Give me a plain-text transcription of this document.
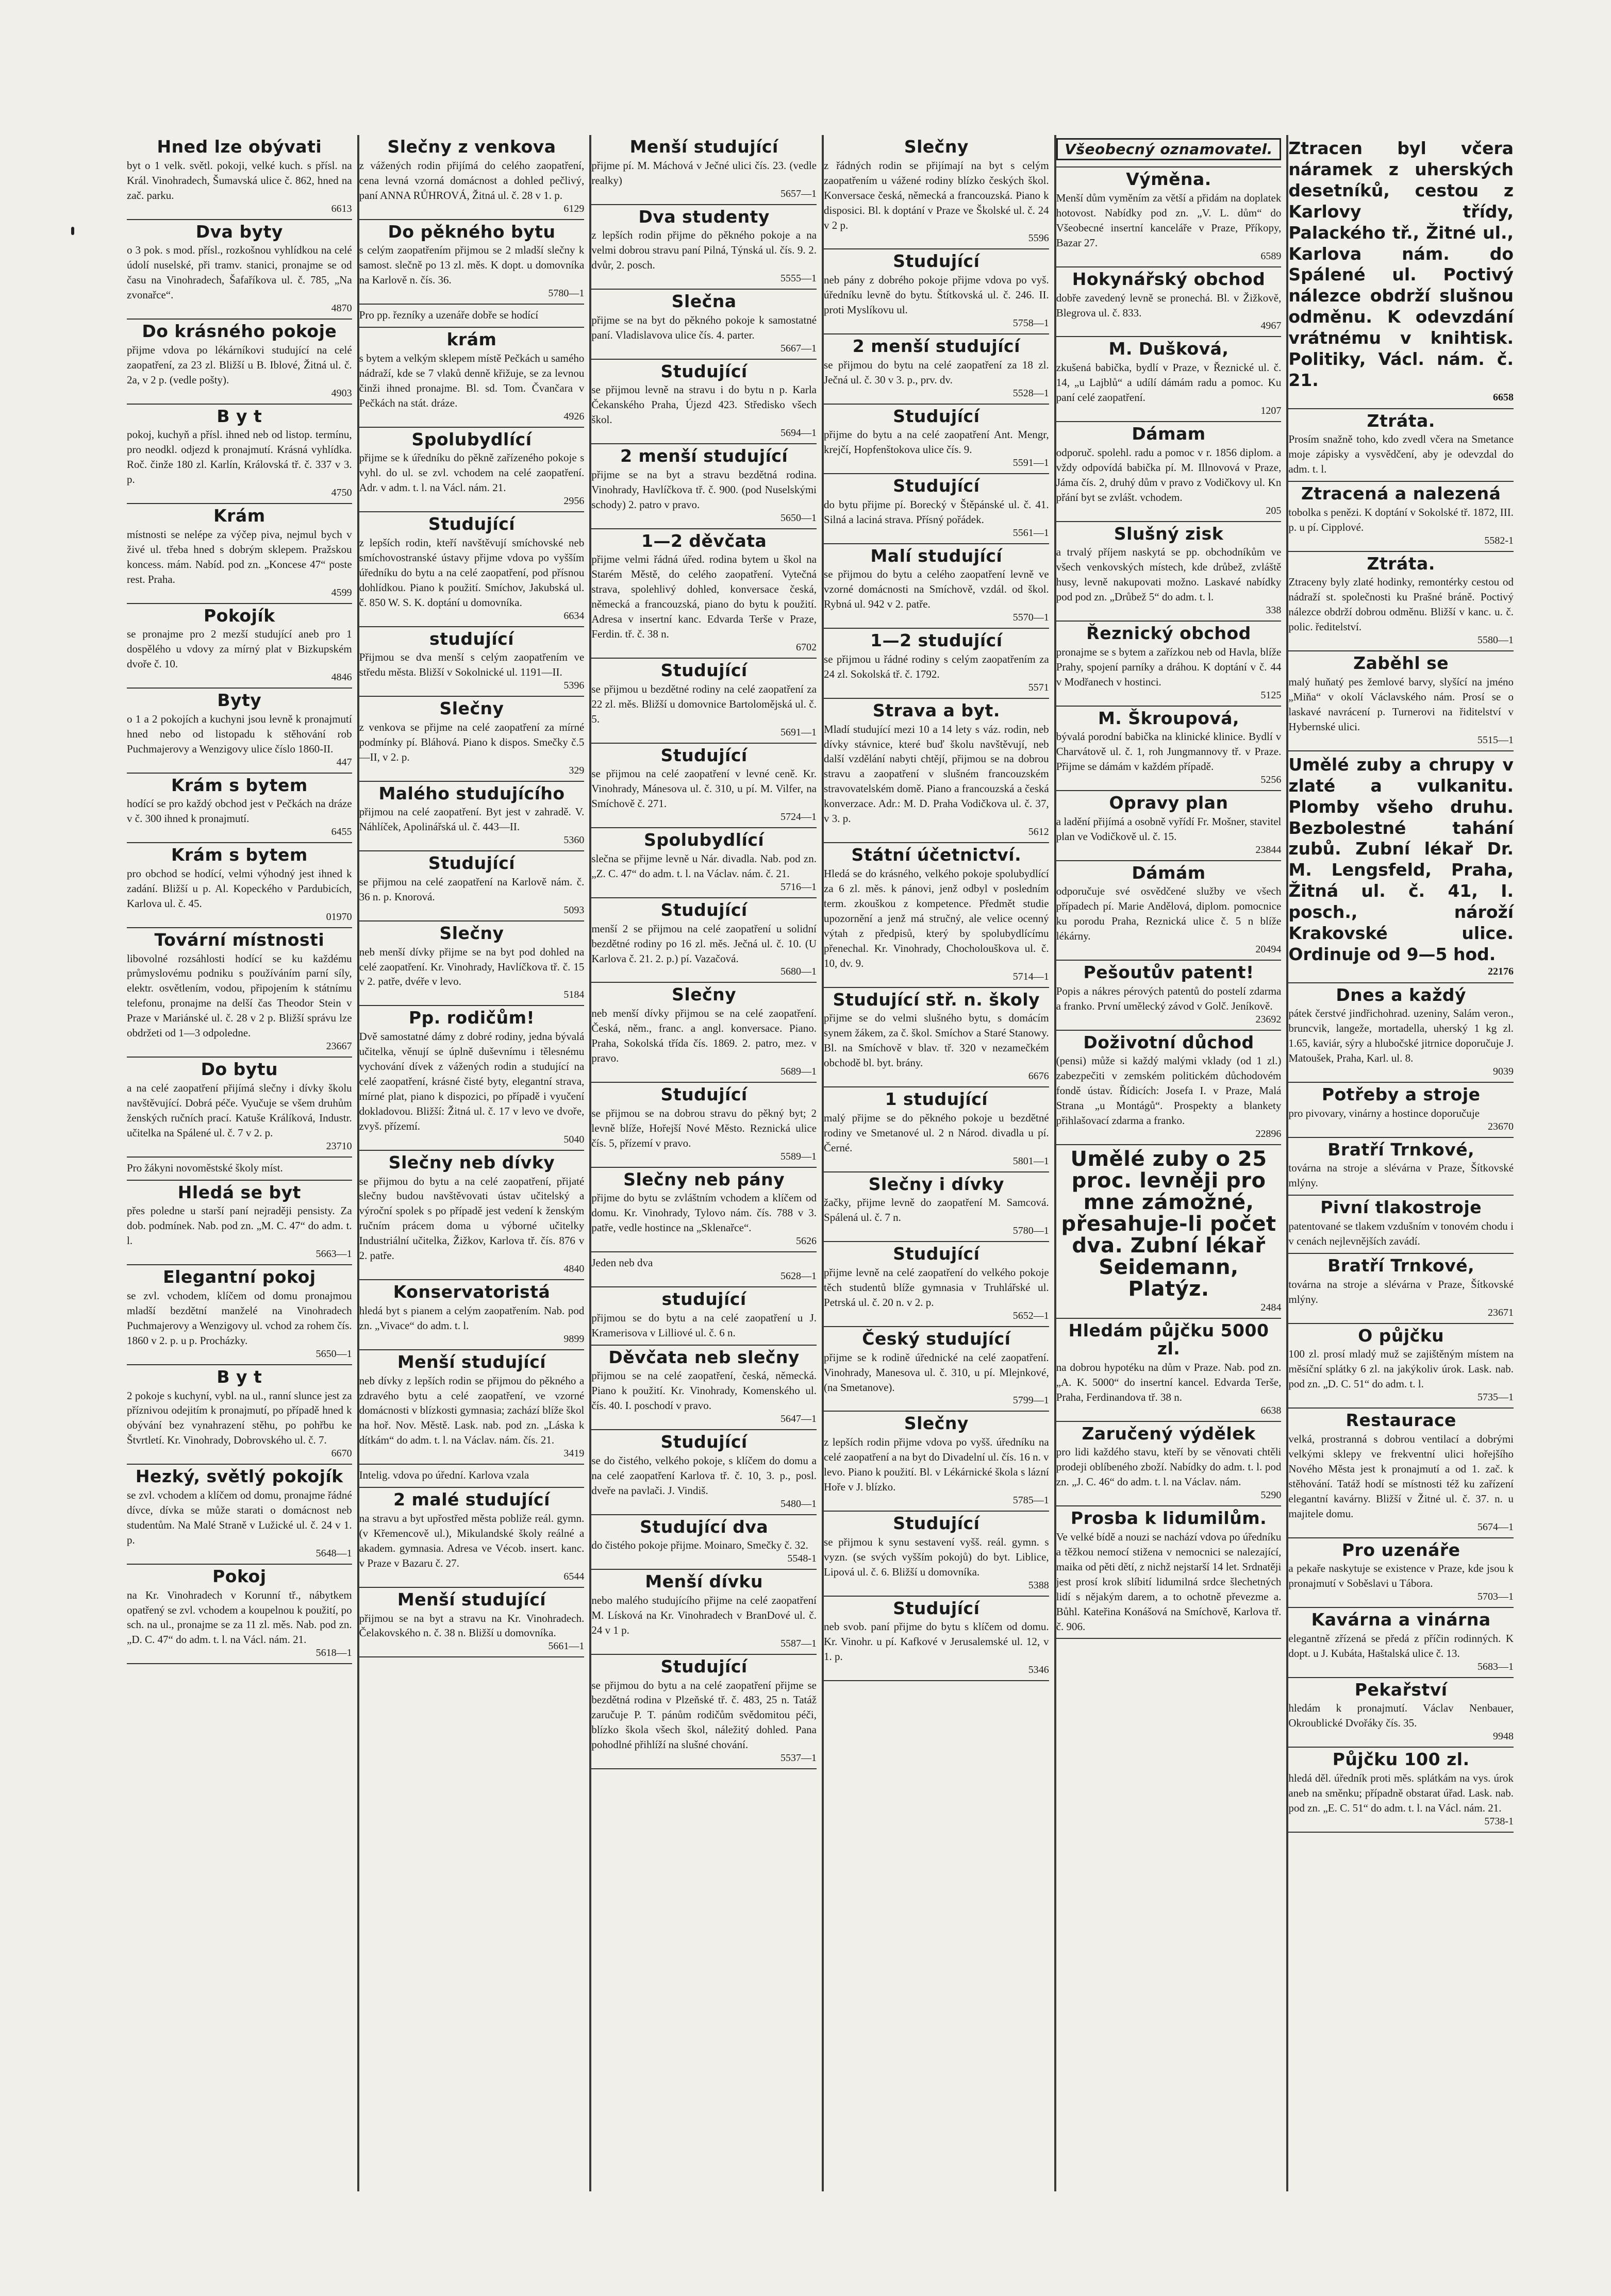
Hned lze obývati

byt o 1 velk. světl. pokoji, velké kuch. s přísl. na Král. Vinohradech, Šumavská ulice č. 862, hned na zač. parku.

6613
Dva byty

o 3 pok. s mod. přísl., rozkošnou vyhlídkou na celé údolí nuselské, při tramv. stanici, pronajme se od času na Vinohradech, Šafaříkova ul. č. 785, „Na zvonařce“.

4870
Do krásného pokoje

přijme vdova po lékárníkovi studující na celé zaopatření, za 23 zl. Bližší u B. Iblové, Žitná ul. č. 2a, v 2 p. (vedle pošty).

4903
B y t

pokoj, kuchyň a přísl. ihned neb od listop. termínu, pro neodkl. odjezd k pronajmutí. Krásná vyhlídka. Roč. činže 180 zl. Karlín, Královská tř. č. 337 v 3. p.

4750
Krám

místnosti se nelépe za výčep piva, nejmul bych v živé ul. třeba hned s dobrým sklepem. Pražskou koncess. mám. Nabíd. pod zn. „Koncese 47“ poste rest. Praha.

4599
Pokojík

se pronajme pro 2 mezší studující aneb pro 1 dospělého u vdovy za mírný plat v Bizkupském dvoře č. 10.

4846
Byty

o 1 a 2 pokojích a kuchyni jsou levně k pronajmutí hned nebo od listopadu k stěhování rob Puchmajerovy a Wenzigovy ulice číslo 1860-II.

447
Krám s bytem

hodící se pro každý obchod jest v Pečkách na dráze v č. 300 ihned k pronajmutí.

6455
Krám s bytem

pro obchod se hodící, velmi výhodný jest ihned k zadání. Bližší u p. Al. Kopeckého v Pardubicích, Karlova ul. č. 45.

01970
Tovární místnosti

libovolné rozsáhlosti hodící se ku každému průmyslovému podniku s používáním parní síly, elektr. osvětlením, vodou, připojením k státnímu telefonu, pronajme na delší čas Theodor Stein v Praze v Mariánské ul. č. 28 v 2 p. Bližší správu lze obdržeti od 1—3 odpoledne.

23667
Do bytu

a na celé zaopatření přijímá slečny i dívky školu navštěvující. Dobrá péče. Vyučuje se všem druhům ženských ručních prací. Katuše Králíková, Industr. učitelka na Spálené ul. č. 7 v 2. p.

23710

Pro žákyni novoměstské školy míst.

Hledá se byt

přes poledne u starší paní nejraději pensisty. Za dob. podmínek. Nab. pod zn. „M. C. 47“ do adm. t. l.

5663—1
Elegantní pokoj

se zvl. vchodem, klíčem od domu pronajmou mladší bezdětní manželé na Vinohradech Puchmajerovy a Wenzigovy ul. vchod za rohem čís. 1860 v 2. p. u p. Procházky.

5650—1
B y t

2 pokoje s kuchyní, vybl. na ul., ranní slunce jest za příznivou odejitím k pronajmutí, po případě hned k obývání bez vynahrazení stěhu, po pohřbu ke Štvrtletí. Kr. Vinohrady, Dobrovského ul. č. 7.

6670
Hezký, světlý pokojík

se zvl. vchodem a klíčem od domu, pronajme řádné dívce, dívka se může starati o domácnost neb studentům. Na Malé Straně v Lužické ul. č. 24 v 1. p.

5648—1
Pokoj

na Kr. Vinohradech v Korunní tř., nábytkem opatřený se zvl. vchodem a koupelnou k použití, po sch. na ul., pronajme se za 11 zl. měs. Nab. pod zn. „D. C. 47“ do adm. t. l. na Václ. nám. 21.

5618—1
Slečny z venkova

z vážených rodin přijímá do celého zaopatření, cena levná vzorná domácnost a dohled pečlivý, paní ANNA RŮHROVÁ, Žitná ul. č. 28 v 1. p.

6129
Do pěkného bytu

s celým zaopatřením přijmou se 2 mladší slečny k samost. slečně po 13 zl. měs. K dopt. u domovníka na Karlově n. čís. 36.

5780—1

Pro pp. řezníky a uzenáře dobře se hodící

krám

s bytem a velkým sklepem místě Pečkách u samého nádraží, kde se 7 vlaků denně křižuje, se za levnou činži ihned pronajme. Bl. sd. Tom. Čvančara v Pečkách na stát. dráze.

4926
Spolubydlící

přijme se k úředníku do pěkně zařízeného pokoje s vyhl. do ul. se zvl. vchodem na celé zaopatření. Adr. v adm. t. l. na Václ. nám. 21.

2956
Studující

z lepších rodin, kteří navštěvují smíchovské neb smíchovostranské ústavy přijme vdova po vyšším úředníku do bytu a na celé zaopatření, pod přísnou dohlídkou. Piano k použití. Smíchov, Jakubská ul. č. 850 W. S. K. doptání u domovníka.

6634
studující

Přijmou se dva menší s celým zaopatřením ve středu města. Bližší v Sokolnické ul. 1191—II.

5396
Slečny

z venkova se přijme na celé zaopatření za mírné podmínky pí. Bláhová. Piano k dispos. Smečky č.5—II, v 2. p.

329
Malého studujícího

přijmou na celé zaopatření. Byt jest v zahradě. V. Náhlíček, Apolinářská ul. č. 443—II.

5360
Studující

se přijmou na celé zaopatření na Karlově nám. č. 36 n. p. Knorová.

5093
Slečny

neb menší dívky přijme se na byt pod dohled na celé zaopatření. Kr. Vinohrady, Havlíčkova tř. č. 15 v 2. patře, dvéře v levo.

5184
Pp. rodičům!

Dvě samostatné dámy z dobré rodiny, jedna bývalá učitelka, věnují se úplně duševnímu i tělesnému vychování dívek z vážených rodin a studující na celé zaopatření, krásné čisté byty, elegantní strava, mírné plat, piano k dispozici, po případě i vyučení dokladovou. Bližší: Žitná ul. č. 17 v levo ve dvoře, zvyš. přízemí.

5040
Slečny neb dívky

se přijmou do bytu a na celé zaopatření, přijaté slečny budou navštěvovati ústav učitelský a výroční spolek s po případě jest vedení k ženským ručním prácem doma u výborné učitelky Industriální učitelka, Žižkov, Karlova tř. čís. 876 v 2. patře.

4840
Konservatoristá

hledá byt s pianem a celým zaopatřením. Nab. pod zn. „Vivace“ do adm. t. l.

9899
Menší studující

neb dívky z lepších rodin se přijmou do pěkného a zdravého bytu a celé zaopatření, ve vzorné domácnosti v blízkosti gymnasia; zachází blíže škol na hoř. Nov. Městě. Lask. nab. pod zn. „Láska k dítkám“ do adm. t. l. na Václav. nám. čís. 21.

3419

Intelig. vdova po úřední. Karlova vzala

2 malé studující

na stravu a byt upřostřed města pobliže reál. gymn. (v Křemencově ul.), Mikulandské školy reálné a akadem. gymnasia. Adresa ve Vécob. insert. kanc. v Praze v Bazaru č. 27.

6544
Menší studující

přijmou se na byt a stravu na Kr. Vinohradech. Čelakovského n. č. 38 n. Bližší u domovníka.

5661—1
Menší studující

přijme pí. M. Máchová v Ječné ulici čís. 23. (vedle realky)

5657—1
Dva studenty

z lepších rodin přijme do pěkného pokoje a na velmi dobrou stravu paní Pilná, Týnská ul. čís. 9. 2. dvůr, 2. posch.

5555—1
Slečna

přijme se na byt do pěkného pokoje k samostatné paní. Vladislavova ulice čís. 4. parter.

5667—1
Studující

se přijmou levně na stravu i do bytu n p. Karla Čekanského Praha, Újezd 423. Středisko všech škol.

5694—1
2 menší studující

přijme se na byt a stravu bezdětná rodina. Vinohrady, Havlíčkova tř. č. 900. (pod Nuselskými schody) 2. patro v pravo.

5650—1
1—2 děvčata

přijme velmi řádná úřed. rodina bytem u škol na Starém Městě, do celého zaopatření. Vytečná strava, spolehlivý dohled, konversace česká, německá a francouzská, piano do bytu k použití. Adresa v insertní kanc. Edvarda Terše v Praze, Ferdin. tř. č. 38 n.

6702
Studující

se přijmou u bezdětné rodiny na celé zaopatření za 22 zl. měs. Bližší u domovnice Bartolomějská ul. č. 5.

5691—1
Studující

se přijmou na celé zaopatření v levné ceně. Kr. Vinohrady, Mánesova ul. č. 310, u pí. M. Vilfer, na Smíchově č. 271.

5724—1
Spolubydlící

slečna se přijme levně u Nár. divadla. Nab. pod zn. „Z. C. 47“ do adm. t. l. na Václav. nám. č. 21.

5716—1
Studující

menší 2 se přijmou na celé zaopatření u solidní bezdětné rodiny po 16 zl. měs. Ječná ul. č. 10. (U Karlova č. 21. 2. p.) pí. Vazačová.

5680—1
Slečny

neb menší dívky přijmou se na celé zaopatření. Česká, něm., franc. a angl. konversace. Piano. Praha, Sokolská třída čís. 1869. 2. patro, mez. v pravo.

5689—1
Studující

se přijmou se na dobrou stravu do pěkný byt; 2 levně blíže, Hořejší Nové Město. Reznická ulice čís. 5, přízemí v pravo.

5589—1
Slečny neb pány

přijme do bytu se zvláštním vchodem a klíčem od domu. Kr. Vinohrady, Tylovo nám. čís. 788 v 3. patře, vedle hostince na „Sklenařce“.

5626

Jeden neb dva

5628—1
studující

přijmou se do bytu a na celé zaopatření u J. Kramerisova v Lilliové ul. č. 6 n.

Děvčata neb slečny

přijmou se na celé zaopatření, česká, německá. Piano k použití. Kr. Vinohrady, Komenského ul. čís. 40. I. poschodí v pravo.

5647—1
Studující

se do čistého, velkého pokoje, s klíčem do domu a na celé zaopatření Karlova tř. č. 10, 3. p., posl. dveře na pavlači. J. Vindiš.

5480—1
Studující dva

do čistého pokoje přijme. Moinaro, Smečky č. 32.

5548-1
Menší dívku

nebo malého studujícího přijme na celé zaopatření M. Lísková na Kr. Vinohradech v BranDové ul. č. 24 v 1 p.

5587—1
Studující

se přijmou do bytu a na celé zaopatření přijme se bezdětná rodina v Plzeňské tř. č. 483, 25 n. Tatáž zaručuje P. T. pánům rodičům svědomitou péči, blízko škola všech škol, náležitý dohled. Pana pohodlné přihlíží na slušné chování.

5537—1
Slečny

z řádných rodin se přijímají na byt s celým zaopatřením u vážené rodiny blízko českých škol. Konversace česká, německá a francouzská. Piano k disposici. Bl. k doptání v Praze ve Školské ul. č. 24 v 2 p.

5596
Studující

neb pány z dobrého pokoje přijme vdova po vyš. úředníku levně do bytu. Štítkovská ul. č. 246. II. proti Myslíkovu ul.

5758—1
2 menší studující

se přijmou do bytu na celé zaopatření za 18 zl. Ječná ul. č. 30 v 3. p., prv. dv.

5528—1
Studující

přijme do bytu a na celé zaopatření Ant. Mengr, krejčí, Hopfenštokova ulice čís. 9.

5591—1
Studující

do bytu přijme pí. Borecký v Štěpánské ul. č. 41. Silná a laciná strava. Přísný pořádek.

5561—1
Malí studující

se přijmou do bytu a celého zaopatření levně ve vzorné domácnosti na Smíchově, vzdál. od škol. Rybná ul. 942 v 2. patře.

5570—1
1—2 studující

se přijmou u řádné rodiny s celým zaopatřením za 24 zl. Sokolská tř. č. 1792.

5571
Strava a byt.

Mladí studující mezi 10 a 14 lety s váz. rodin, neb dívky stávnice, které buď školu navštěvují, neb další vzdělání nabyti chtějí, přijmou se na dobrou stravu a zaopatření v slušném francouzském stravovatelském domě. Piano a francouzská a česká konverzace. Adr.: M. D. Praha Vodičkova ul. č. 37, v 3. p.

5612
Státní účetnictví.

Hledá se do krásného, velkého pokoje spolubydlící za 6 zl. měs. k pánovi, jenž odbyl v posledním term. zkouškou z kompetence. Předmět studie upozornění a jenž má stručný, ale velice ocenný výtah z předpisů, který by spolubydlícímu přenechal. Kr. Vinohrady, Chocholouškova ul. č. 10, dv. 9.

5714—1
Studující stř. n. školy

přijme se do velmi slušného bytu, s domácím synem žákem, za č. škol. Smíchov a Staré Stanowy. Bl. na Smíchově v blav. tř. 320 v nezamečkém obchodě bl. byt. brány.

6676
1 studující

malý přijme se do pěkného pokoje u bezdětné rodiny ve Smetanové ul. 2 n Národ. divadla u pí. Černé.

5801—1
Slečny i dívky

žačky, přijme levně do zaopatření M. Samcová. Spálená ul. č. 7 n.

5780—1
Studující

přijme levně na celé zaopatření do velkého pokoje těch studentů blíže gymnasia v Truhlářské ul. Petrská ul. č. 20 n. v 2. p.

5652—1
Český studující

přijme se k rodině úřednické na celé zaopatření. Vinohrady, Manesova ul. č. 310, u pí. Mlejnkové, (na Smetanove).

5799—1
Slečny

z lepších rodin přijme vdova po vyšš. úředníku na celé zaopatření a na byt do Divadelní ul. čís. 16 n. v levo. Piano k použití. Bl. v Lékárnické škola s lázní Hoře v J. blízko.

5785—1
Studující

se přijmou k synu sestavení vyšš. reál. gymn. s vyzn. (se svých vyšším pokojů) do byt. Liblice, Lipová ul. č. 6. Bližší u domovníka.

5388
Studující

neb svob. paní přijme do bytu s klíčem od domu. Kr. Vinohr. u pí. Kafkové v Jerusalemské ul. 12, v 1. p.

5346
Všeobecný oznamovatel.
Výměna.

Menší dům vyměním za větší a přidám na doplatek hotovost. Nabídky pod zn. „V. L. dům“ do Všeobecné insertní kanceláře v Praze, Příkopy, Bazar 27.

6589
Hokynářský obchod

dobře zavedený levně se pronechá. Bl. v Žižkově, Blegrova ul. č. 833.

4967
M. Dušková,

zkušená babička, bydlí v Praze, v Řeznické ul. č. 14, „u Lajblů“ a udílí dámám radu a pomoc. Ku paní celé zaopatření.

1207
Dámam

odporuč. spolehl. radu a pomoc v r. 1856 diplom. a vždy odpovídá babička pí. M. Illnovová v Praze, Jáma čís. 2, druhý dům v pravo z Vodičkovy ul. Kn přání byt se zvlášt. vchodem.

205
Slušný zisk

a trvalý příjem naskytá se pp. obchodníkům ve všech venkovských místech, kde drůbež, zvláště husy, levně nakupovati možno. Laskavé nabídky pod pod zn. „Drůbež 5“ do adm. t. l.

338
Řeznický obchod

pronajme se s bytem a zařízkou neb od Havla, blíže Prahy, spojení parníky a dráhou. K doptání v č. 44 v Modřanech v hostinci.

5125
M. Škroupová,

bývalá porodní babička na klinické klinice. Bydlí v Charvátově ul. č. 1, roh Jungmannovy tř. v Praze. Přijme se dámám v každém případě.

5256
Opravy plan

a ladění přijímá a osobně vyřídí Fr. Mošner, stavitel plan ve Vodičkově ul. č. 15.

23844
Dámám

odporučuje své osvědčené služby ve všech případech pí. Marie Andělová, diplom. pomocnice ku porodu Praha, Reznická ulice č. 5 n blíže lékárny.

20494
Pešoutův patent!

Popis a nákres pérových patentů do postelí zdarma a franko. První umělecký závod v Golč. Jeníkově.

23692
Doživotní důchod

(pensi) může si každý malými vklady (od 1 zl.) zabezpečiti v zemském politickém důchodovém fondě ústav. Řídicích: Josefa I. v Praze, Malá Strana „u Montágů“. Prospekty a blankety přihlašovací zdarma a franko.

22896
Umělé zuby o 25 proc. levněji pro mne zámožné, přesahuje-li počet dva. Zubní lékař Seidemann, Platýz.
2484
Hledám půjčku 5000 zl.

na dobrou hypotéku na dům v Praze. Nab. pod zn. „A. K. 5000“ do insertní kancel. Edvarda Terše, Praha, Ferdinandova tř. 38 n.

6638
Zaručený výdělek

pro lidi každého stavu, kteří by se věnovati chtěli prodeji oblíbeného zboží. Nabídky do adm. t. l. pod zn. „J. C. 46“ do adm. t. l. na Václav. nám.

5290
Prosba k lidumilům.

Ve velké bídě a nouzi se nachází vdova po úředníku a těžkou nemocí stižena v nemocnici se nalezající, maika od pěti dětí, z nichž nejstarší 14 let. Srdnatěji jest prosí krok slíbití lidumilná srdce šlechetných lidí s nějakým darem, a to ochotně převezme a. Bůhl. Kateřina Konášová na Smíchově, Karlova tř. č. 906.

Ztracen byl včera náramek z uherských desetníků, cestou z Karlovy třídy, Palackého tř., Žitné ul., Karlova nám. do Spálené ul. Poctivý nálezce obdrží slušnou odměnu. K odevzdání vrátnému v knihtisk. Politiky, Václ. nám. č. 21.
6658
Ztráta.

Prosím snažně toho, kdo zvedl včera na Smetance moje zápisky a vysvědčení, aby je odevzdal do adm. t. l.

Ztracená a nalezená

tobolka s penězi. K doptání v Sokolské tř. 1872, III. p. u pí. Cipplové.

5582-1
Ztráta.

Ztraceny byly zlaté hodinky, remontérky cestou od nádraží st. společnosti ku Prašné bráně. Poctivý nálezce obdrží dobrou odměnu. Bližší v kanc. u. č. polic. ředitelství.

5580—1
Zaběhl se

malý huňatý pes žemlové barvy, slyšící na jméno „Miňa“ v okolí Václavského nám. Prosí se o laskavé navrácení p. Turnerovi na řiditelství v Hybernské ulici.

5515—1
Umělé zuby a chrupy v zlaté a vulkanitu. Plomby všeho druhu. Bezbolestné tahání zubů. Zubní lékař Dr. M. Lengsfeld, Praha, Žitná ul. č. 41, I. posch., nároží Krakovské ulice. Ordinuje od 9—5 hod.
22176
Dnes a každý

pátek čerstvé jindřichohrad. uzeniny, Salám veron., bruncvik, langeže, mortadella, uherský 1 kg zl. 1.65, kaviár, sýry a hlubočské jitrnice doporučuje J. Matoušek, Praha, Karl. ul. 8.

9039
Potřeby a stroje

pro pivovary, vinárny a hostince doporučuje

23670
Bratří Trnkové,

továrna na stroje a slévárna v Praze, Šítkovské mlýny.

Pivní tlakostroje

patentované se tlakem vzdušním v tonovém chodu i v cenách nejlevnějších zavádí.

Bratří Trnkové,

továrna na stroje a slévárna v Praze, Šítkovské mlýny.

23671
O půjčku

100 zl. prosí mladý muž se zajištěným místem na měsíční splátky 6 zl. na jakýkoliv úrok. Lask. nab. pod zn. „D. C. 51“ do adm. t. l.

5735—1
Restaurace

velká, prostranná s dobrou ventilací a dobrými velkými sklepy ve frekventní ulici hořejšího Nového Města jest k pronajmutí a od 1. zač. k stěhování. Tatáž hodí se místnosti též ku zařízení elegantní kavárny. Bližší v Žitné ul. č. 37. n. u majitele domu.

5674—1
Pro uzenáře

a pekaře naskytuje se existence v Praze, kde jsou k pronajmutí v Soběslavi u Tábora.

5703—1
Kavárna a vinárna

elegantně zřízená se předá z příčin rodinných. K dopt. u J. Kubáta, Haštalská ulice č. 13.

5683—1
Pekařství

hledám k pronajmutí. Václav Nenbauer, Okroublické Dvořáky čís. 35.

9948
Půjčku 100 zl.

hledá děl. úředník proti měs. splátkám na vys. úrok aneb na směnku; případně obstarat úřad. Lask. nab. pod zn. „E. C. 51“ do adm. t. l. na Václ. nám. 21.

5738-1
